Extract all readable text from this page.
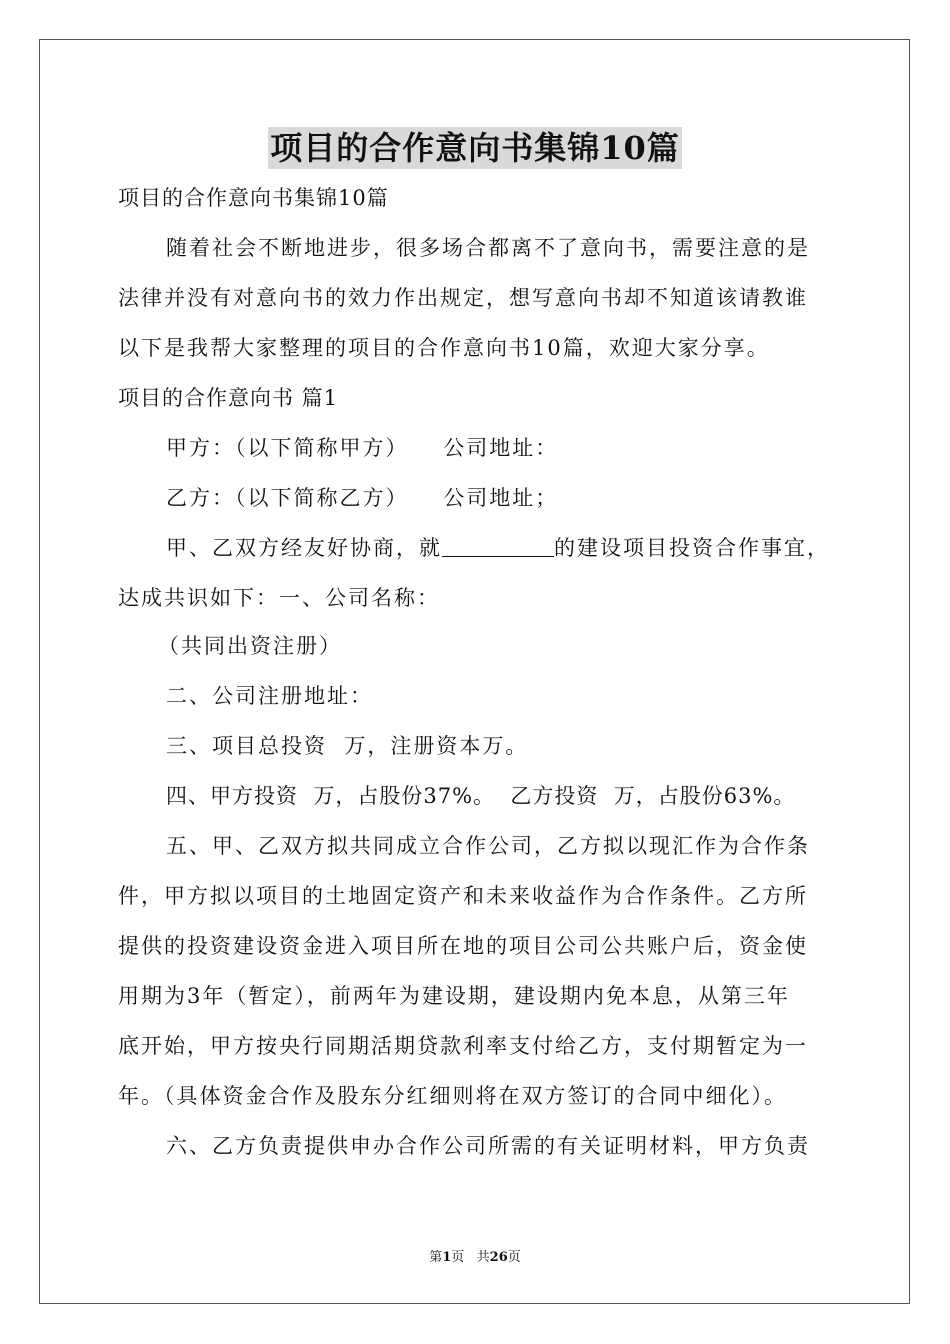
项目的合作意向书集锦10篇
项目的合作意向书集锦10篇
随着社会不断地进步，很多场合都离不了意向书，需要注意的是
法律并没有对意向书的效力作出规定，想写意向书却不知道该请教谁
以下是我帮大家整理的项目的合作意向书10篇，欢迎大家分享。
项目的合作意向书 篇1
甲方：（以下简称甲方）    公司地址：
乙方：（以下简称乙方）    公司地址；
甲、乙双方经友好协商，就	的建设项目投资合作事宜，
达成共识如下：一、公司名称：
（共同出资注册）
二、公司注册地址：
三、项目总投资  万，注册资本万。
四、甲方投资  万，占股份37%。  乙方投资  万，占股份63%。
五、甲、乙双方拟共同成立合作公司，乙方拟以现汇作为合作条
件，甲方拟以项目的土地固定资产和未来收益作为合作条件。乙方所
提供的投资建设资金进入项目所在地的项目公司公共账户后，资金使
用期为3年（暂定），前两年为建设期，建设期内免本息，从第三年
底开始，甲方按央行同期活期贷款利率支付给乙方，支付期暂定为一
年。（具体资金合作及股东分红细则将在双方签订的合同中细化）。
六、乙方负责提供申办合作公司所需的有关证明材料，甲方负责
第1页   共26页
